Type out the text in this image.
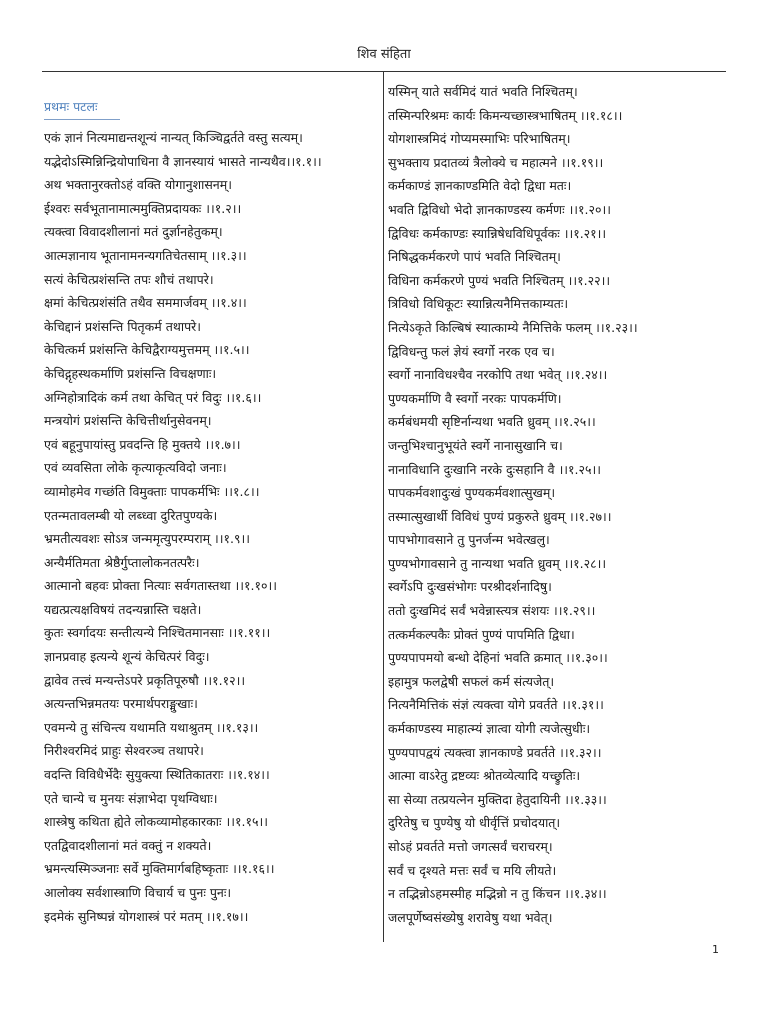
शिव संहिता
प्रथमः पटलः
एकं ज्ञानं नित्यमाद्यन्तशून्यं नान्यत् किञ्चिद्वर्तते वस्तु सत्यम्।
यद्भेदोऽस्मिन्निन्द्रियोपाधिना वै ज्ञानस्यायं भासते नान्यथैव।।१.१।।
अथ भक्तानुरक्तोऽहं वक्ति योगानुशासनम्।
ईश्वरः सर्वभूतानामात्ममुक्तिप्रदायकः ।।१.२।।
त्यक्त्वा विवादशीलानां मतं दुर्ज्ञानहेतुकम्।
आत्मज्ञानाय भूतानामनन्यगतिचेतसाम् ।।१.३।।
सत्यं केचित्प्रशंसन्ति तपः शौचं तथापरे।
क्षमां केचित्प्रशंसंति तथैव सममार्जवम् ।।१.४।।
केचिद्दानं प्रशंसन्ति पितृकर्म तथापरे।
केचित्कर्म प्रशंसन्ति केचिद्वैराग्यमुत्तमम् ।।१.५।।
केचिद्गृहस्थकर्माणि प्रशंसन्ति विचक्षणाः।
अग्निहोत्रादिकं कर्म तथा केचित् परं विदुः ।।१.६।।
मन्त्रयोगं प्रशंसन्ति केचित्तीर्थानुसेवनम्।
एवं बहूनुपायांस्तु प्रवदन्ति हि मुक्तये ।।१.७।।
एवं व्यवसिता लोके कृत्याकृत्यविदो जनाः।
व्यामोहमेव गच्छंति विमुक्ताः पापकर्मभिः ।।१.८।।
एतन्मतावलम्बी यो लब्ध्वा दुरितपुण्यके।
भ्रमतीत्यवशः सोऽत्र जन्ममृत्युपरम्पराम् ।।१.९।।
अन्यैर्मतिमता श्रेष्ठैर्गुप्तालोकनतत्परैः।
आत्मानो बहवः प्रोक्ता नित्याः सर्वगतास्तथा ।।१.१०।।
यद्यत्प्रत्यक्षविषयं तदन्यन्नास्ति चक्षते।
कुतः स्वर्गादयः सन्तीत्यन्ये निश्चितमानसाः ।।१.११।।
ज्ञानप्रवाह इत्यन्ये शून्यं केचित्परं विदुः।
द्वावेव तत्त्वं मन्यन्तेऽपरे प्रकृतिपूरुषौ ।।१.१२।।
अत्यन्तभिन्नमतयः परमार्थपराङ्मुखाः।
एवमन्ये तु संचिन्त्य यथामति यथाश्रुतम् ।।१.१३।।
निरीश्वरमिदं प्राहुः सेश्वरञ्च तथापरे।
वदन्ति विविधैर्भेदैः सुयुक्त्या स्थितिकातराः ।।१.१४।।
एते चान्ये च मुनयः संज्ञाभेदा पृथग्विधाः।
शास्त्रेषु कथिता ह्येते लोकव्यामोहकारकाः ।।१.१५।।
एतद्विवादशीलानां मतं वक्तुं न शक्यते।
भ्रमन्त्यस्मिञ्जनाः सर्वे मुक्तिमार्गबहिष्कृताः ।।१.१६।।
आलोक्य सर्वशास्त्राणि विचार्य च पुनः पुनः।
इदमेकं सुनिष्पन्नं योगशास्त्रं परं मतम् ।।१.१७।।
यस्मिन् याते सर्वमिदं यातं भवति निश्चितम्।
तस्मिन्परिश्रमः कार्यः किमन्यच्छास्त्रभाषितम् ।।१.१८।।
योगशास्त्रमिदं गोप्यमस्माभिः परिभाषितम्।
सुभक्ताय प्रदातव्यं त्रैलोक्ये च महात्मने ।।१.१९।।
कर्मकाण्डं ज्ञानकाण्डमिति वेदो द्विधा मतः।
भवति द्विविधो भेदो ज्ञानकाण्डस्य कर्मणः ।।१.२०।।
द्विविधः कर्मकाण्डः स्यान्निषेधविधिपूर्वकः ।।१.२१।।
निषिद्धकर्मकरणे पापं भवति निश्चितम्।
विधिना कर्मकरणे पुण्यं भवति निश्चितम् ।।१.२२।।
त्रिविधो विधिकूटः स्यान्नित्यनैमित्तकाम्यतः।
नित्येऽकृते किल्बिषं स्यात्काम्ये नैमित्तिके फलम् ।।१.२३।।
द्विविधन्तु फलं ज्ञेयं स्वर्गो नरक एव च।
स्वर्गो नानाविधश्चैव नरकोपि तथा भवेत् ।।१.२४।।
पुण्यकर्माणि वै स्वर्गो नरकः पापकर्मणि।
कर्मबंधमयी सृष्टिर्नान्यथा भवति ध्रुवम् ।।१.२५।।
जन्तुभिश्चानुभूयंते स्वर्गे नानासुखानि च।
नानाविधानि दुःखानि नरके दुःसहानि वै ।।१.२५।।
पापकर्मवशादुःखं पुण्यकर्मवशात्सुखम्।
तस्मात्सुखार्थी विविधं पुण्यं प्रकुरुते ध्रुवम् ।।१.२७।।
पापभोगावसाने तु पुनर्जन्म भवेत्खलु।
पुण्यभोगावसाने तु नान्यथा भवति ध्रुवम् ।।१.२८।।
स्वर्गेऽपि दुःखसंभोगः परश्रीदर्शनादिषु।
ततो दुःखमिदं सर्वं भवेन्नास्त्यत्र संशयः ।।१.२९।।
तत्कर्मकल्पकैः प्रोक्तं पुण्यं पापमिति द्विधा।
पुण्यपापमयो बन्धो देहिनां भवति क्रमात् ।।१.३०।।
इहामुत्र फलद्वेषी सफलं कर्म संत्यजेत्।
नित्यनैमित्तिकं संज्ञं त्यक्त्वा योगे प्रवर्तते ।।१.३१।।
कर्मकाण्डस्य माहात्म्यं ज्ञात्वा योगी त्यजेत्सुधीः।
पुण्यपापद्वयं त्यक्त्वा ज्ञानकाण्डे प्रवर्तते ।।१.३२।।
आत्मा वाऽरेतु द्रष्टव्यः श्रोतव्येत्यादि यच्छ्रुतिः।
सा सेव्या तत्प्रयत्नेन मुक्तिदा हेतुदायिनी ।।१.३३।।
दुरितेषु च पुण्येषु यो धीर्वृत्तिं प्रचोदयात्।
सोऽहं प्रवर्तते मत्तो जगत्सर्वं चराचरम्।
सर्वं च दृश्यते मत्तः सर्वं च मयि लीयते।
न तद्भिन्नोऽहमस्मीह मद्भिन्नो न तु किंचन ।।१.३४।।
जलपूर्णेष्वसंख्येषु शरावेषु यथा भवेत्।
1
